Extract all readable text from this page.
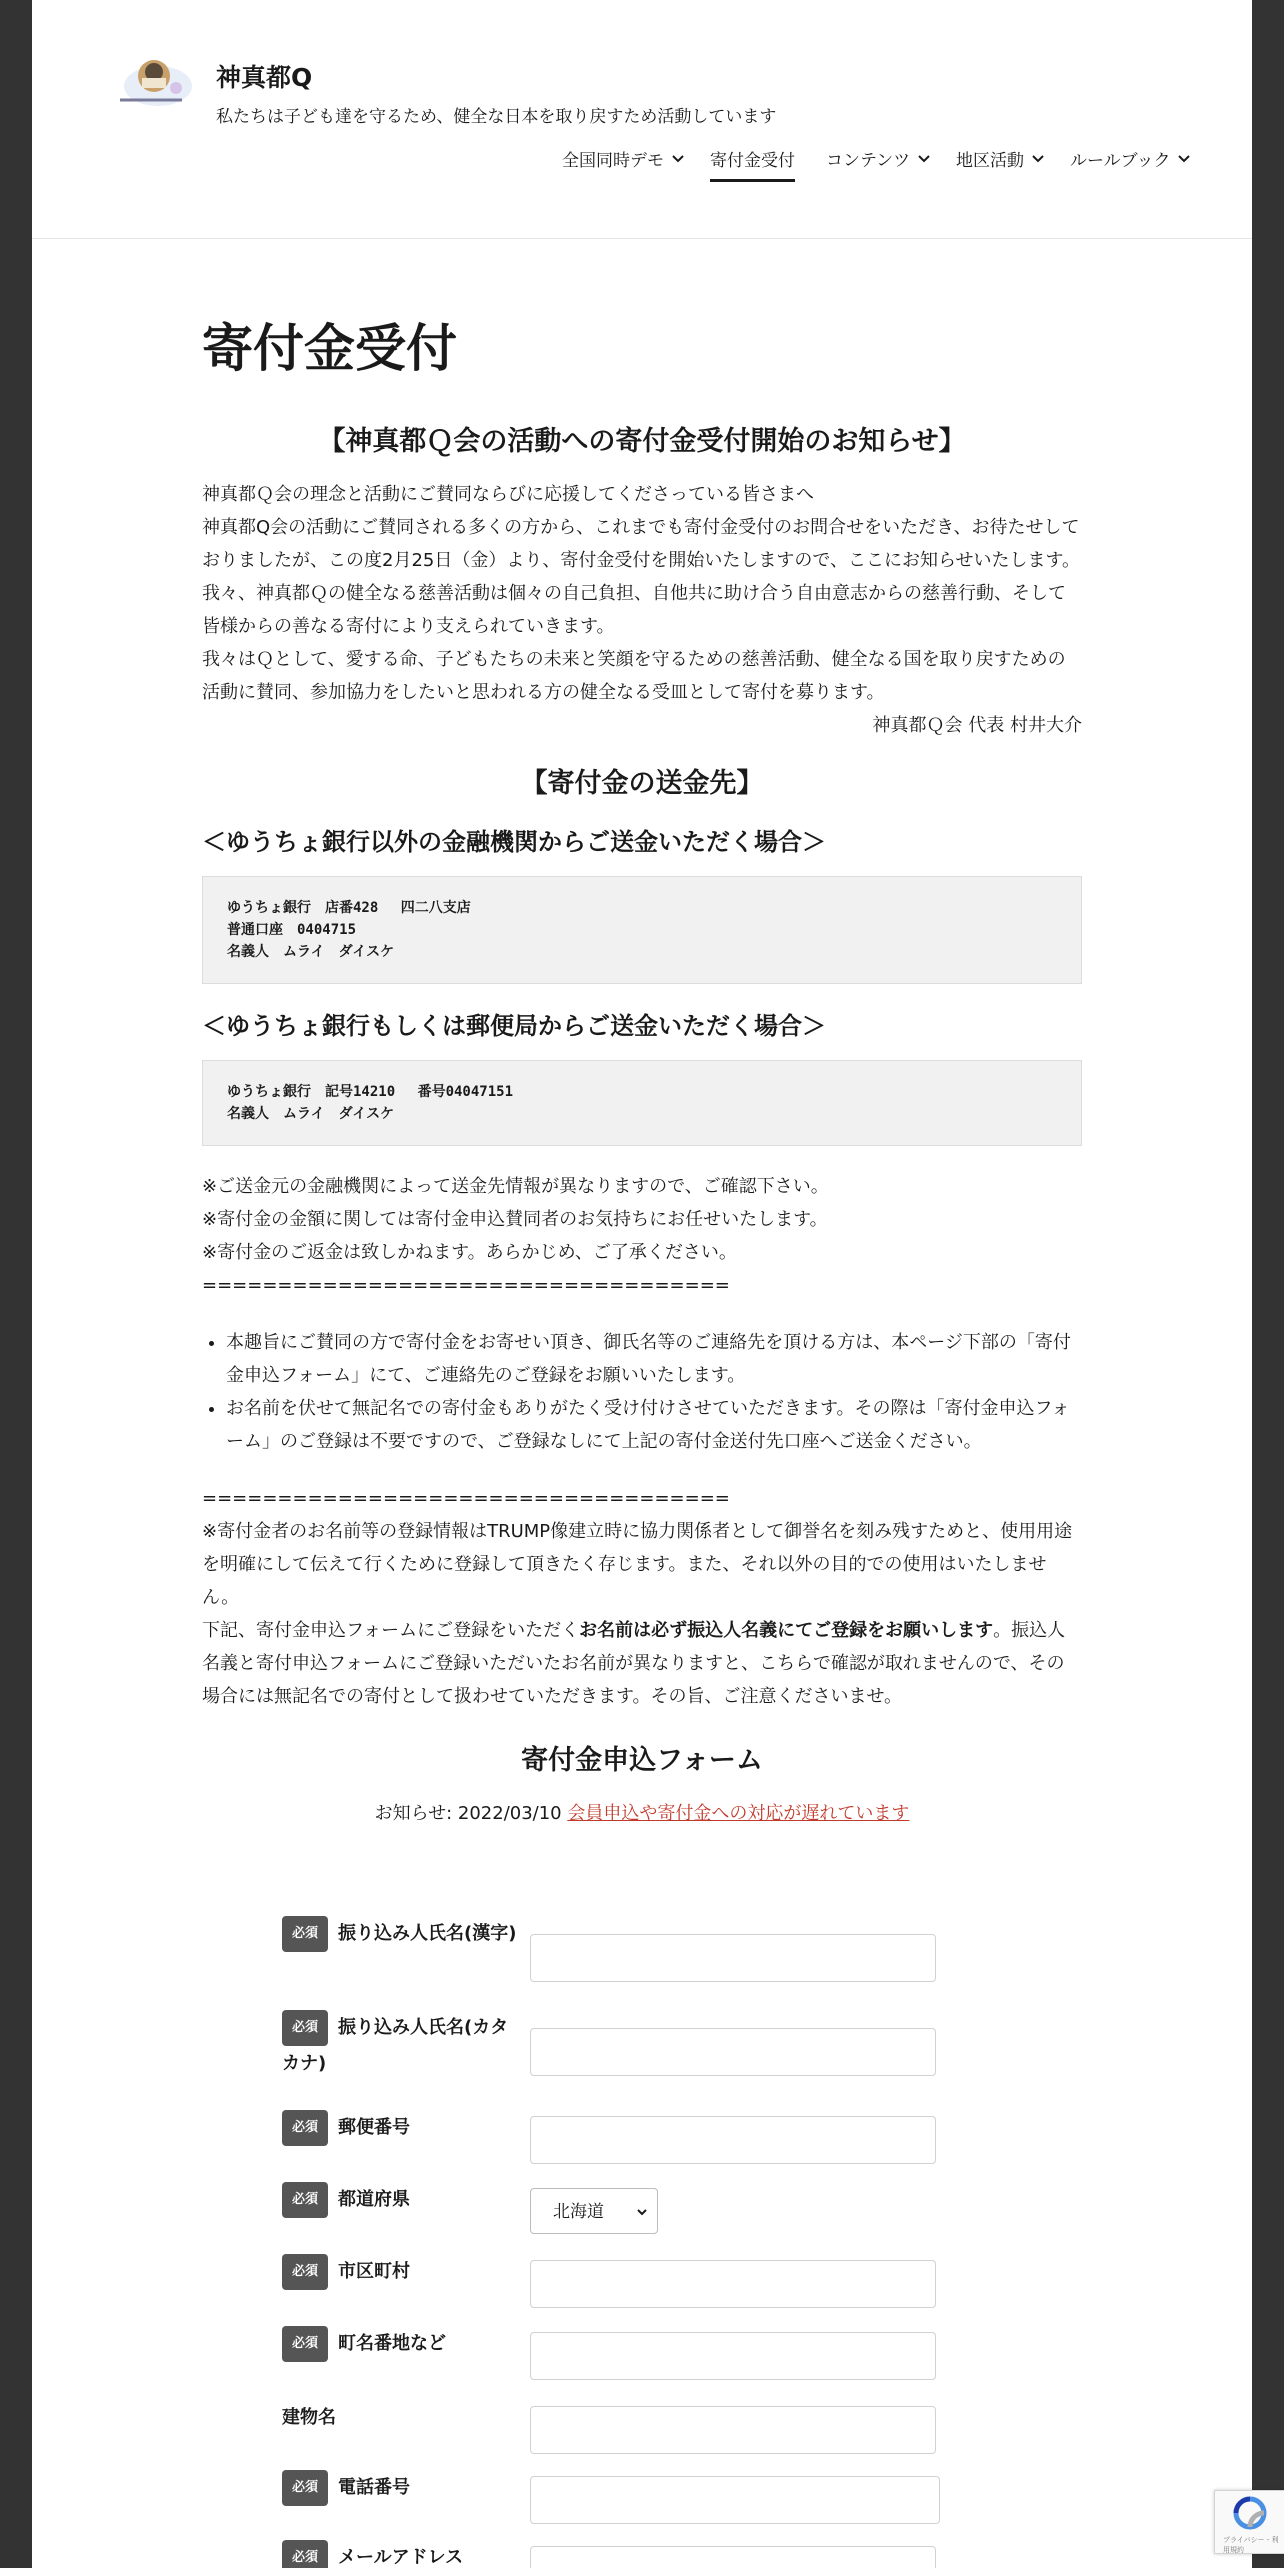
神真都Q
私たちは子ども達を守るため、健全な日本を取り戻すため活動しています
全国同時デモ	寄付金受付 コンテンツ	地区活動	ルールブック
寄付金受付
【神真都Ｑ会の活動への寄付金受付開始のお知らせ】

神真都Ｑ会の理念と活動にご賛同ならびに応援してくださっている皆さまへ

神真都Q会の活動にご賛同される多くの方から、これまでも寄付金受付のお問合せをいただき、お待たせしておりましたが、この度2月25日（金）より、寄付金受付を開始いたしますので、ここにお知らせいたします。

我々、神真都Ｑの健全なる慈善活動は個々の自己負担、自他共に助け合う自由意志からの慈善行動、そして皆様からの善なる寄付により支えられていきます。

我々はＱとして、愛する命、子どもたちの未来と笑顔を守るための慈善活動、健全なる国を取り戻すための活動に賛同、参加協力をしたいと思われる方の健全なる受皿として寄付を募ります。

神真都Ｑ会 代表 村井大介

【寄付金の送金先】
＜ゆうちょ銀行以外の金融機関からご送金いただく場合＞
ゆうちょ銀行　店番428　 四二八支店
普通口座　0404715
名義人　ムライ　ダイスケ
＜ゆうちょ銀行もしくは郵便局からご送金いただく場合＞
ゆうちょ銀行　記号14210　 番号04047151
名義人　ムライ　ダイスケ

※ご送金元の金融機関によって送金先情報が異なりますので、ご確認下さい。

※寄付金の金額に関しては寄付金申込賛同者のお気持ちにお任せいたします。

※寄付金のご返金は致しかねます。あらかじめ、ご了承ください。

===================================

• 本趣旨にご賛同の方で寄付金をお寄せい頂き、御氏名等のご連絡先を頂ける方は、本ページ下部の「寄付金申込フォーム」にて、ご連絡先のご登録をお願いいたします。
• お名前を伏せて無記名での寄付金もありがたく受け付けさせていただきます。その際は「寄付金申込フォーム」のご登録は不要ですので、ご登録なしにて上記の寄付金送付先口座へご送金ください。

===================================

※寄付金者のお名前等の登録情報はTRUMP像建立時に協力関係者として御誉名を刻み残すためと、使用用途を明確にして伝えて行くために登録して頂きたく存じます。また、それ以外の目的での使用はいたしません。

下記、寄付金申込フォームにご登録をいただくお名前は必ず振込人名義にてご登録をお願いします。振込人名義と寄付申込フォームにご登録いただいたお名前が異なりますと、こちらで確認が取れませんので、その場合には無記名での寄付として扱わせていただきます。その旨、ご注意くださいませ。

寄付金申込フォーム

お知らせ: 2022/03/10 会員申込や寄付金への対応が遅れています

必須 振り込み人氏名(漢字)
必須 振り込み人氏名(カタカナ)
必須 郵便番号
必須 都道府県
北海道
必須 市区町村
必須 町名番地など
建物名
必須 電話番号
必須 メールアドレス
プライバシー - 利用規約
